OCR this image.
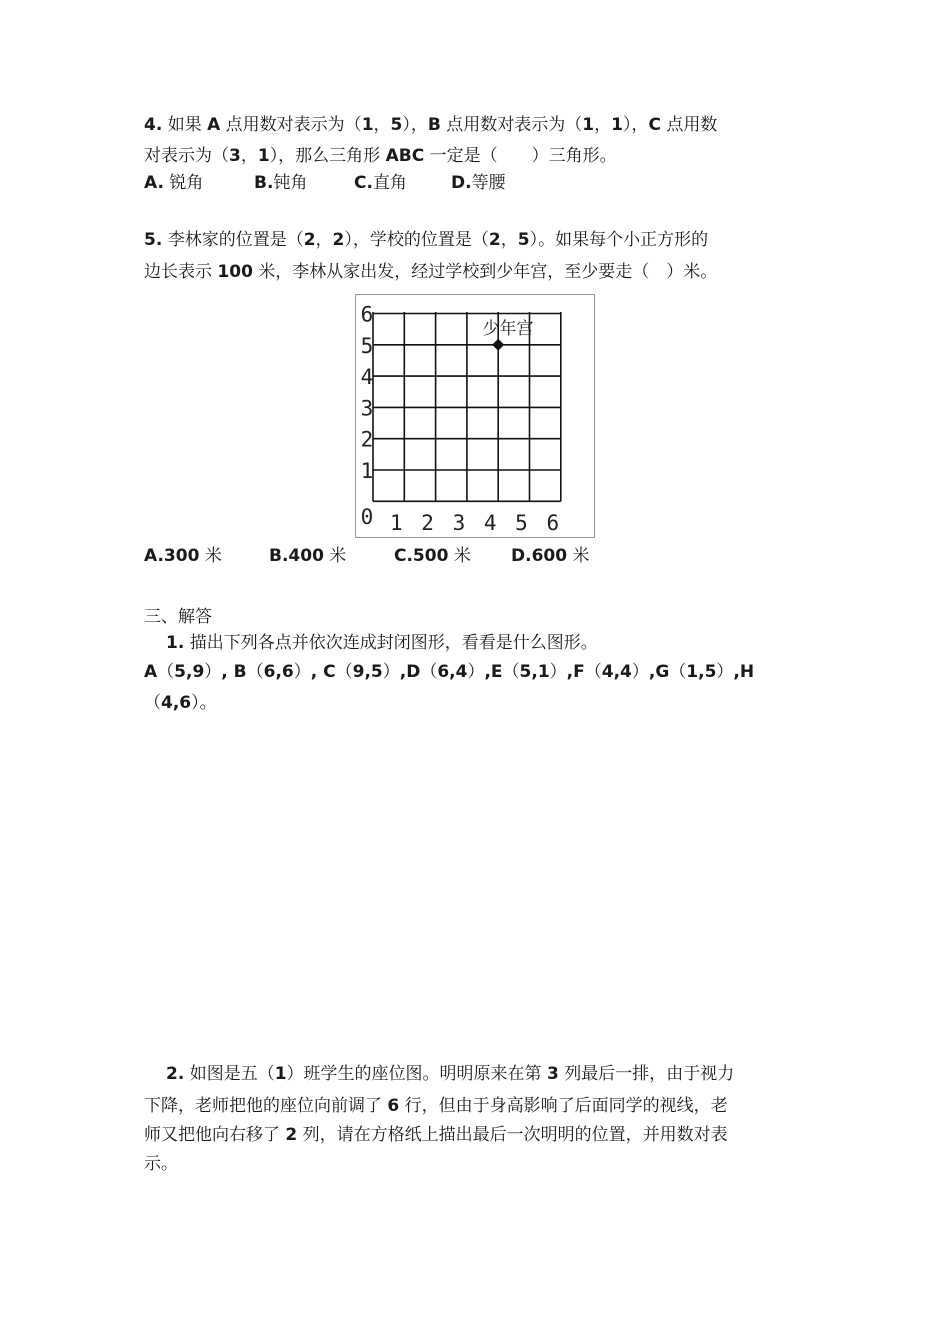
4. 如果 A 点用数对表示为（1，5），B 点用数对表示为（1，1），C 点用数
对表示为（3，1），那么三角形 ABC 一定是（　　）三角形。
A. 锐角	B.钝角	C.直角	D.等腰
5. 李林家的位置是（2，2），学校的位置是（2，5）。如果每个小正方形的
边长表示 100 米，李林从家出发，经过学校到少年宫，至少要走（　）米。
1 2 3 4 5 6
1
2
3
4
5
6
0
少年宫
A.300 米	B.400 米	C.500 米 D.600 米
三、解答
1. 描出下列各点并依次连成封闭图形，看看是什么图形。
A（5,9）, B（6,6）, C（9,5）,D（6,4）,E（5,1）,F（4,4）,G（1,5）,H
（4,6）。
2. 如图是五（1）班学生的座位图。明明原来在第 3 列最后一排，由于视力
下降，老师把他的座位向前调了 6 行，但由于身高影响了后面同学的视线，老
师又把他向右移了 2 列，请在方格纸上描出最后一次明明的位置，并用数对表
示。
